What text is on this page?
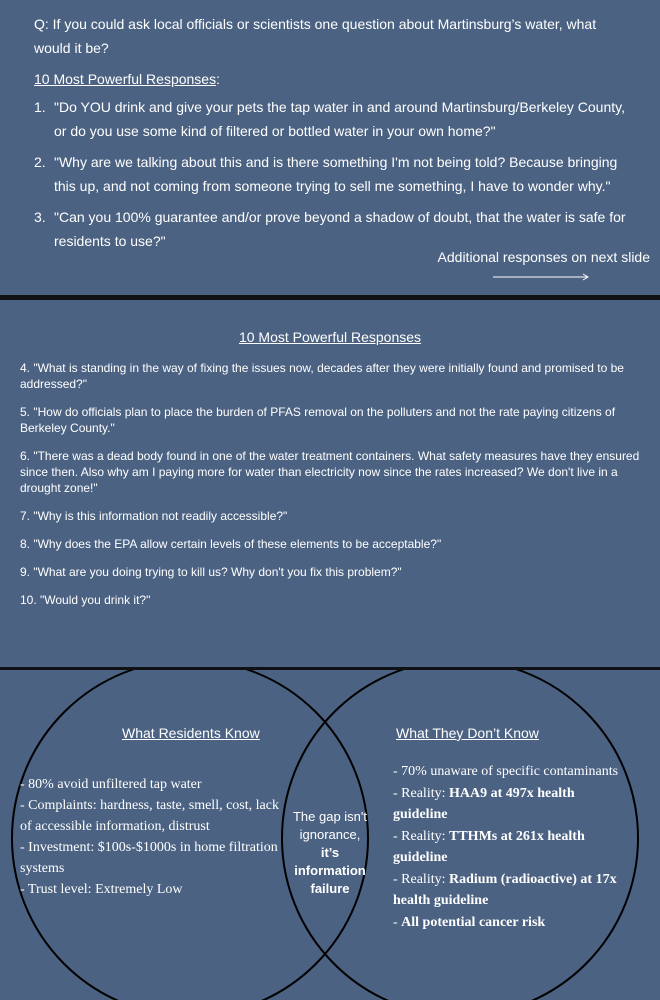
Q: If you could ask local officials or scientists one question about Martinsburg’s water, what would it be?
10 Most Powerful Responses:
1. "Do YOU drink and give your pets the tap water in and around Martinsburg/Berkeley County, or do you use some kind of filtered or bottled water in your own home?"
2. "Why are we talking about this and is there something I'm not being told? Because bringing this up, and not coming from someone trying to sell me something, I have to wonder why."
3. "Can you 100% guarantee and/or prove beyond a shadow of doubt, that the water is safe for residents to use?"
Additional responses on next slide
10 Most Powerful Responses
4. "What is standing in the way of fixing the issues now, decades after they were initially found and promised to be addressed?"
5. "How do officials plan to place the burden of PFAS removal on the polluters and not the rate paying citizens of Berkeley County."
6. "There was a dead body found in one of the water treatment containers. What safety measures have they ensured since then. Also why am I paying more for water than electricity now since the rates increased? We don't live in a drought zone!"
7. "Why is this information not readily accessible?"
8. "Why does the EPA allow certain levels of these elements to be acceptable?"
9. "What are you doing trying to kill us? Why don't you fix this problem?"
10. "Would you drink it?"
What Residents Know	What They Don’t Know
- 80% avoid unfiltered tap water
- Complaints: hardness, taste, smell, cost, lack of accessible information, distrust
- Investment: $100s-$1000s in home filtration systems
- Trust level: Extremely Low
The gap isn't ignorance,
it’s
information failure
- 70% unaware of specific contaminants
- Reality: HAA9 at 497x health guideline
- Reality: TTHMs at 261x health guideline
- Reality: Radium (radioactive) at 17x health guideline
- All potential cancer risk
